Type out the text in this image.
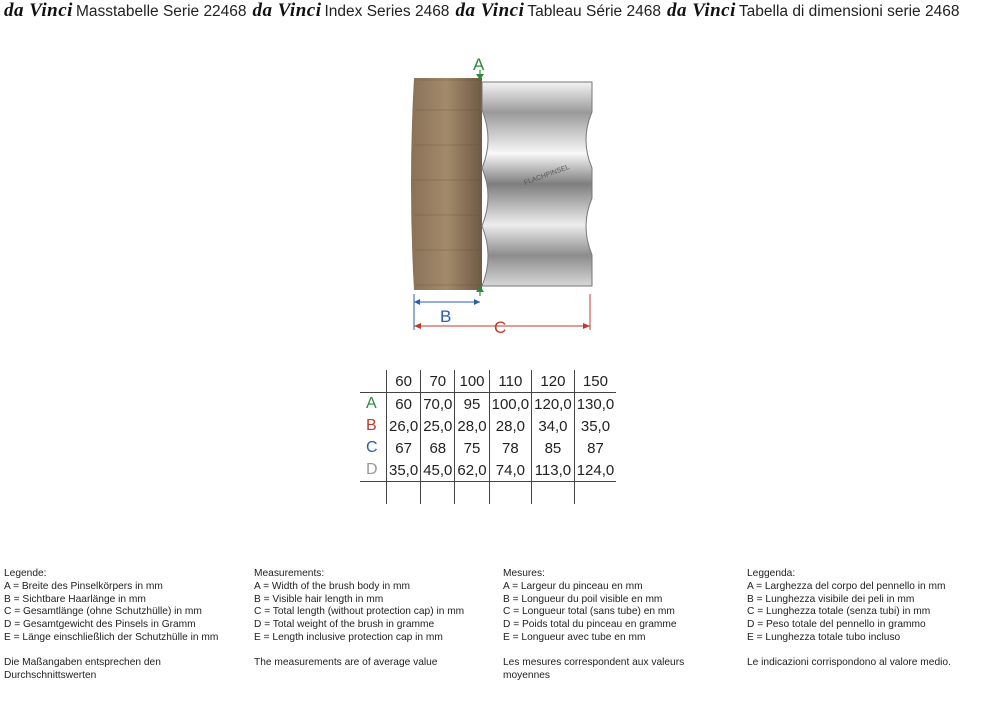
da Vinci Masstabelle Serie 22468 da Vinci Index Series 2468 da Vinci Tableau Série 2468 da Vinci Tabella di dimensioni serie 2468
FLACHPINSEL
A
B
C
	60	70	100	110	120	150
A	60	70,0	95	100,0	120,0	130,0
B	26,0	25,0	28,0	28,0	34,0	35,0
C	67	68	75	78	85	87
D	35,0	45,0	62,0	74,0	113,0	124,0

Legende:
A = Breite des Pinselkörpers in mm
B = Sichtbare Haarlänge in mm
C = Gesamtlänge (ohne Schutzhülle) in mm
D = Gesamtgewicht des Pinsels in Gramm
E = Länge einschließlich der Schutzhülle in mm
Die Maßangaben entsprechen den
Durchschnittswerten
Measurements:
A = Width of the brush body in mm
B = Visible hair length in mm
C = Total length (without protection cap) in mm
D = Total weight of the brush in gramme
E = Length inclusive protection cap in mm
The measurements are of average value
Mesures:
A = Largeur du pinceau en mm
B = Longueur du poil visible en mm
C = Longueur total (sans tube) en mm
D = Poids total du pinceau en gramme
E = Longueur avec tube en mm
Les mesures correspondent aux valeurs
moyennes
Leggenda:
A = Larghezza del corpo del pennello in mm
B = Lunghezza visibile dei peli in mm
C = Lunghezza totale (senza tubi) in mm
D = Peso totale del pennello in grammo
E = Lunghezza totale tubo incluso
Le indicazioni corrispondono al valore medio.
